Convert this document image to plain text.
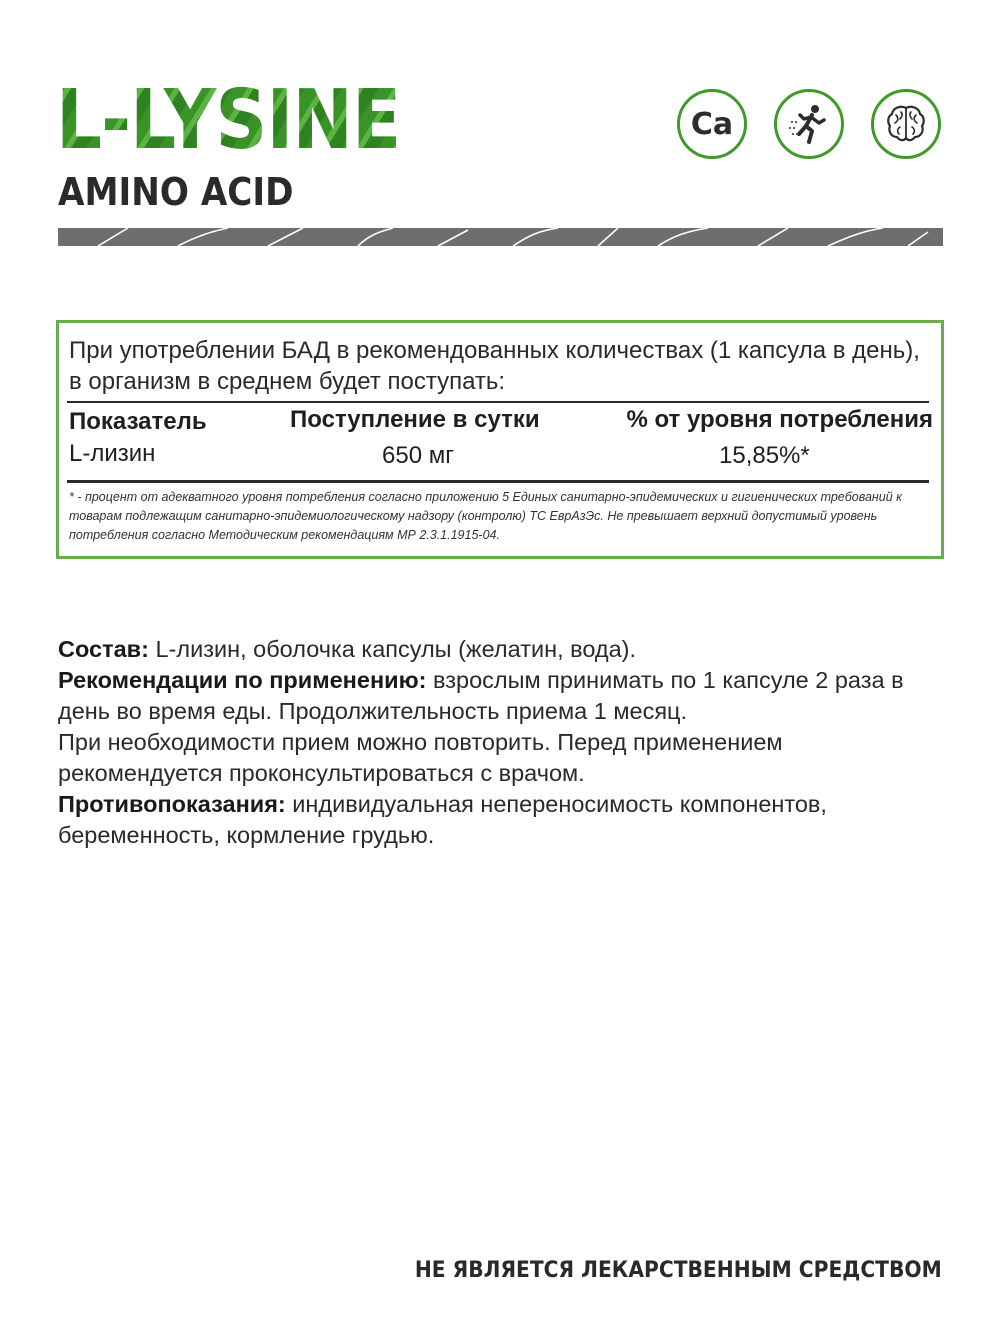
L-LYSINE
AMINO ACID
Ca

При употреблении БАД в рекомендованных количествах (1 капсула в день), в организм в среднем будет поступать:

Показатель	Поступление в сутки	% от уровня потребления
L-лизин	650 мг	15,85%*

* - процент от адекватного уровня потребления согласно приложению 5 Единых санитарно-эпидемических и гигиенических требований к товарам подлежащим санитарно-эпидемиологическому надзору (контролю) ТС ЕврАзЭс. Не превышает верхний допустимый уровень потребления согласно Методическим рекомендациям МР 2.3.1.1915-04.

Состав: L-лизин, оболочка капсулы (желатин, вода).

Рекомендации по применению: взрослым принимать по 1 капсуле 2 раза в день во время еды. Продолжительность приема 1 месяц.

При необходимости прием можно повторить. Перед применением рекомендуется проконсультироваться с врачом.

Противопоказания: индивидуальная непереносимость компонентов, беременность, кормление грудью.

НЕ ЯВЛЯЕТСЯ ЛЕКАРСТВЕННЫМ СРЕДСТВОМ
